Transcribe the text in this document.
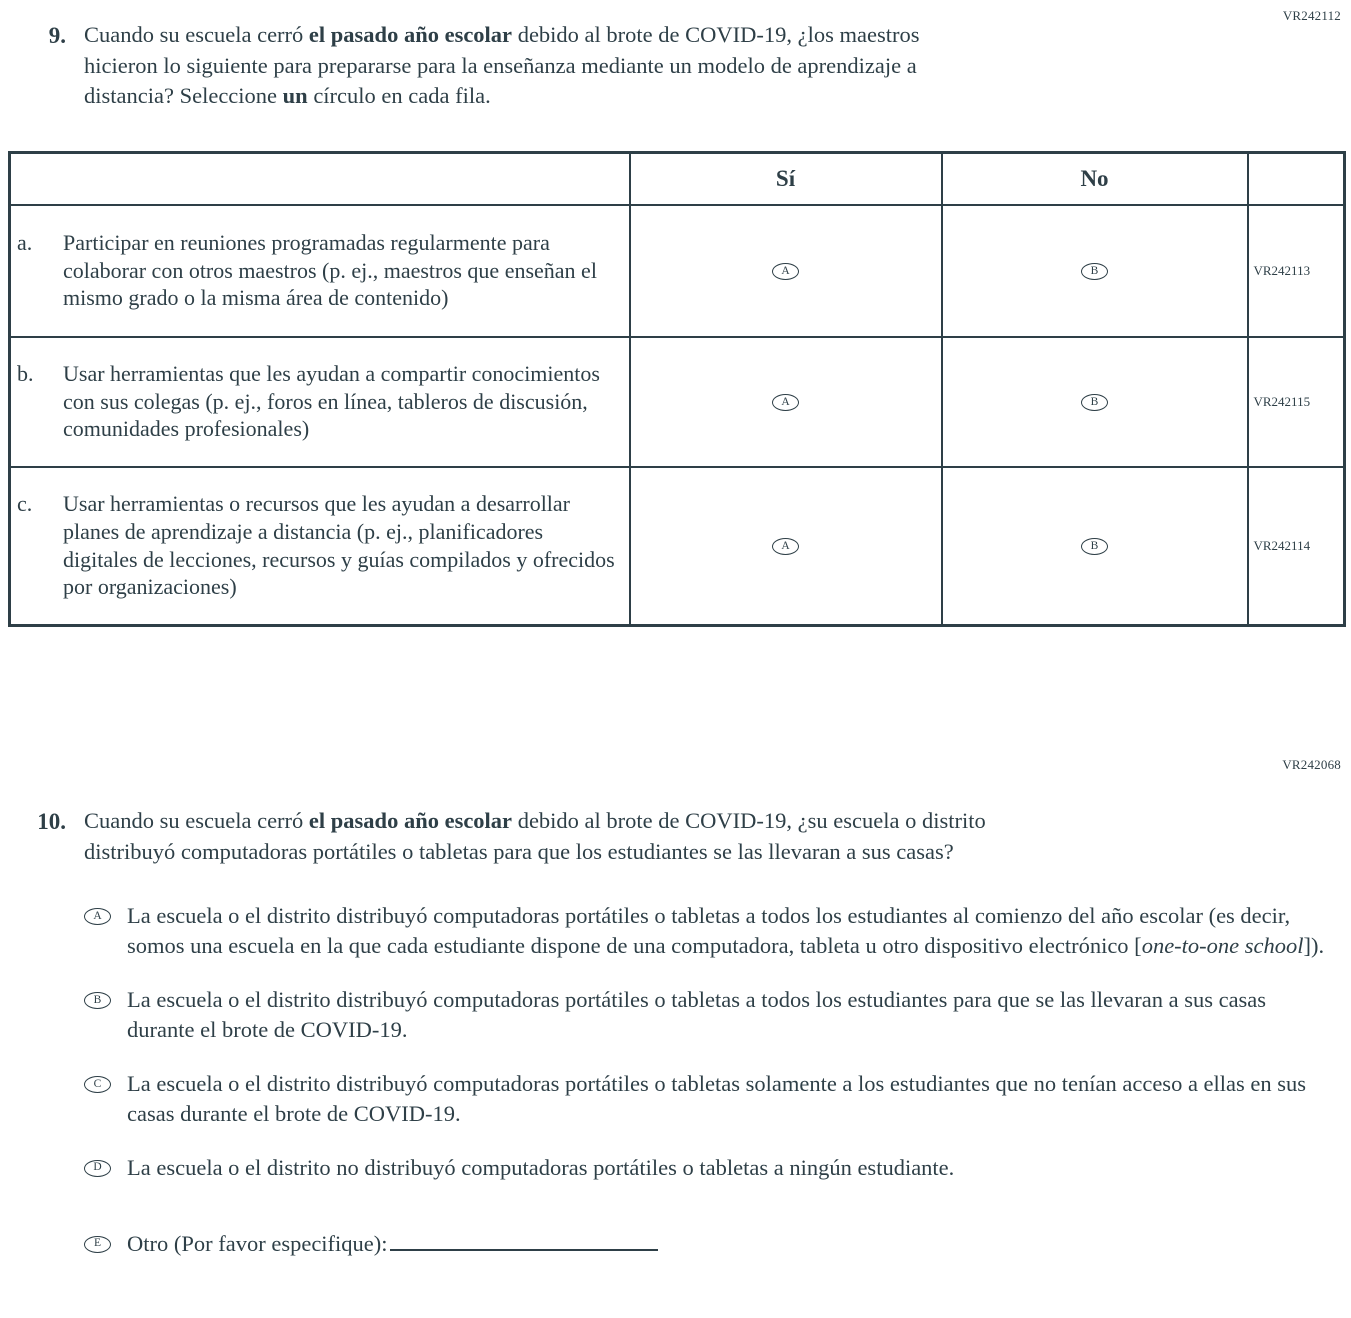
VR242112
VR242068
9. Cuando su escuela cerró el pasado año escolar debido al brote de COVID-19, ¿los maestros hicieron lo siguiente para prepararse para la enseñanza mediante un modelo de aprendizaje a distancia? Seleccione un círculo en cada fila.
	Sí	No	

a. Participar en reuniones programadas regularmente para colaborar con otros maestros (p. ej., maestros que enseñan el mismo grado o la misma área de contenido)	A	B	VR242113

b. Usar herramientas que les ayudan a compartir conocimientos con sus colegas (p. ej., foros en línea, tableros de discusión, comunidades profesionales)	A	B	VR242115

c. Usar herramientas o recursos que les ayudan a desarrollar planes de aprendizaje a distancia (p. ej., planificadores digitales de lecciones, recursos y guías compilados y ofrecidos por organizaciones)	A	B	VR242114
10. Cuando su escuela cerró el pasado año escolar debido al brote de COVID-19, ¿su escuela o distrito distribuyó computadoras portátiles o tabletas para que los estudiantes se las llevaran a sus casas?
A	La escuela o el distrito distribuyó computadoras portátiles o tabletas a todos los estudiantes al comienzo del año escolar (es decir, somos una escuela en la que cada estudiante dispone de una computadora, tableta u otro dispositivo electrónico [one-to-one school]).
B	La escuela o el distrito distribuyó computadoras portátiles o tabletas a todos los estudiantes para que se las llevaran a sus casas durante el brote de COVID-19.
C	La escuela o el distrito distribuyó computadoras portátiles o tabletas solamente a los estudiantes que no tenían acceso a ellas en sus casas durante el brote de COVID-19.
D	La escuela o el distrito no distribuyó computadoras portátiles o tabletas a ningún estudiante.
E	Otro (Por favor especifique):
